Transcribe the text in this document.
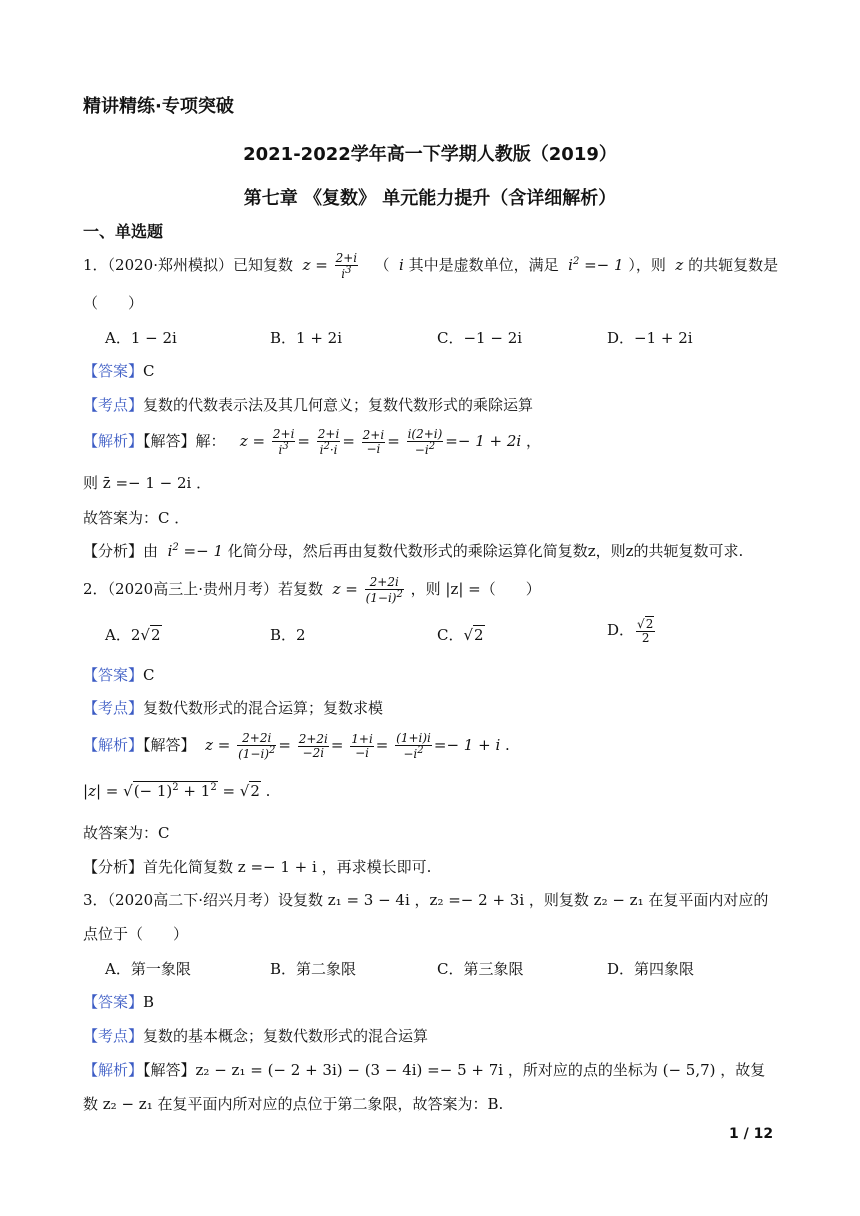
精讲精练·专项突破
2021-2022学年高一下学期人教版（2019）
第七章 《复数》 单元能力提升（含详细解析）
一、单选题
1．（2020·郑州模拟）已知复数  $z = \frac{2+i}{i^3}$ （  i 其中是虚数单位，满足  $i^2 =- 1$ ），则  z 的共轭复数是
（　　）
A．1 − 2i	B．1 + 2i	C．−1 − 2i	D．−1 + 2i
【答案】C
【考点】复数的代数表示法及其几何意义；复数代数形式的乘除运算
【解析】【解答】解：   $z = \frac{2+i}{i^3} = \frac{2+i}{i^2\cdot i} = \frac{2+i}{-i} = \frac{i(2+i)}{-i^2} =- 1 + 2i$ ，
则 z̄ =− 1 − 2i ．
故答案为：C ．
【分析】由  $i^2 =- 1$ 化简分母，然后再由复数代数形式的乘除运算化简复数z，则z的共轭复数可求.
2．（2020高三上·贵州月考）若复数  $z = \frac{2+2i}{(1-i)^2}$ ，则 |z| =（　　）
A．2√2	B．2	C．√2	D． $\frac{√2}{2}$
【答案】C
【考点】复数代数形式的混合运算；复数求模
【解析】【解答】  $z = \frac{2+2i}{(1-i)^2} = \frac{2+2i}{-2i} = \frac{1+i}{-i} = \frac{(1+i)i}{-i^2} =- 1 + i$ .
|z| = √(− $1)^2 + 1^2 = √2$ .
故答案为：C
【分析】首先化简复数 z =− 1 + i ，再求模长即可.
3．（2020高二下·绍兴月考）设复数 z₁ = 3 − 4i ，z₂ =− 2 + 3i ，则复数 z₂ − z₁ 在复平面内对应的
点位于（　　）
A．第一象限	B．第二象限	C．第三象限	D．第四象限
【答案】B
【考点】复数的基本概念；复数代数形式的混合运算
【解析】【解答】z₂ − z₁ = (− 2 + 3i) − (3 − 4i) =− 5 + 7i ，所对应的点的坐标为 (− 5,7) ，故复
数 z₂ − z₁ 在复平面内所对应的点位于第二象限，故答案为：B.
1 / 12
